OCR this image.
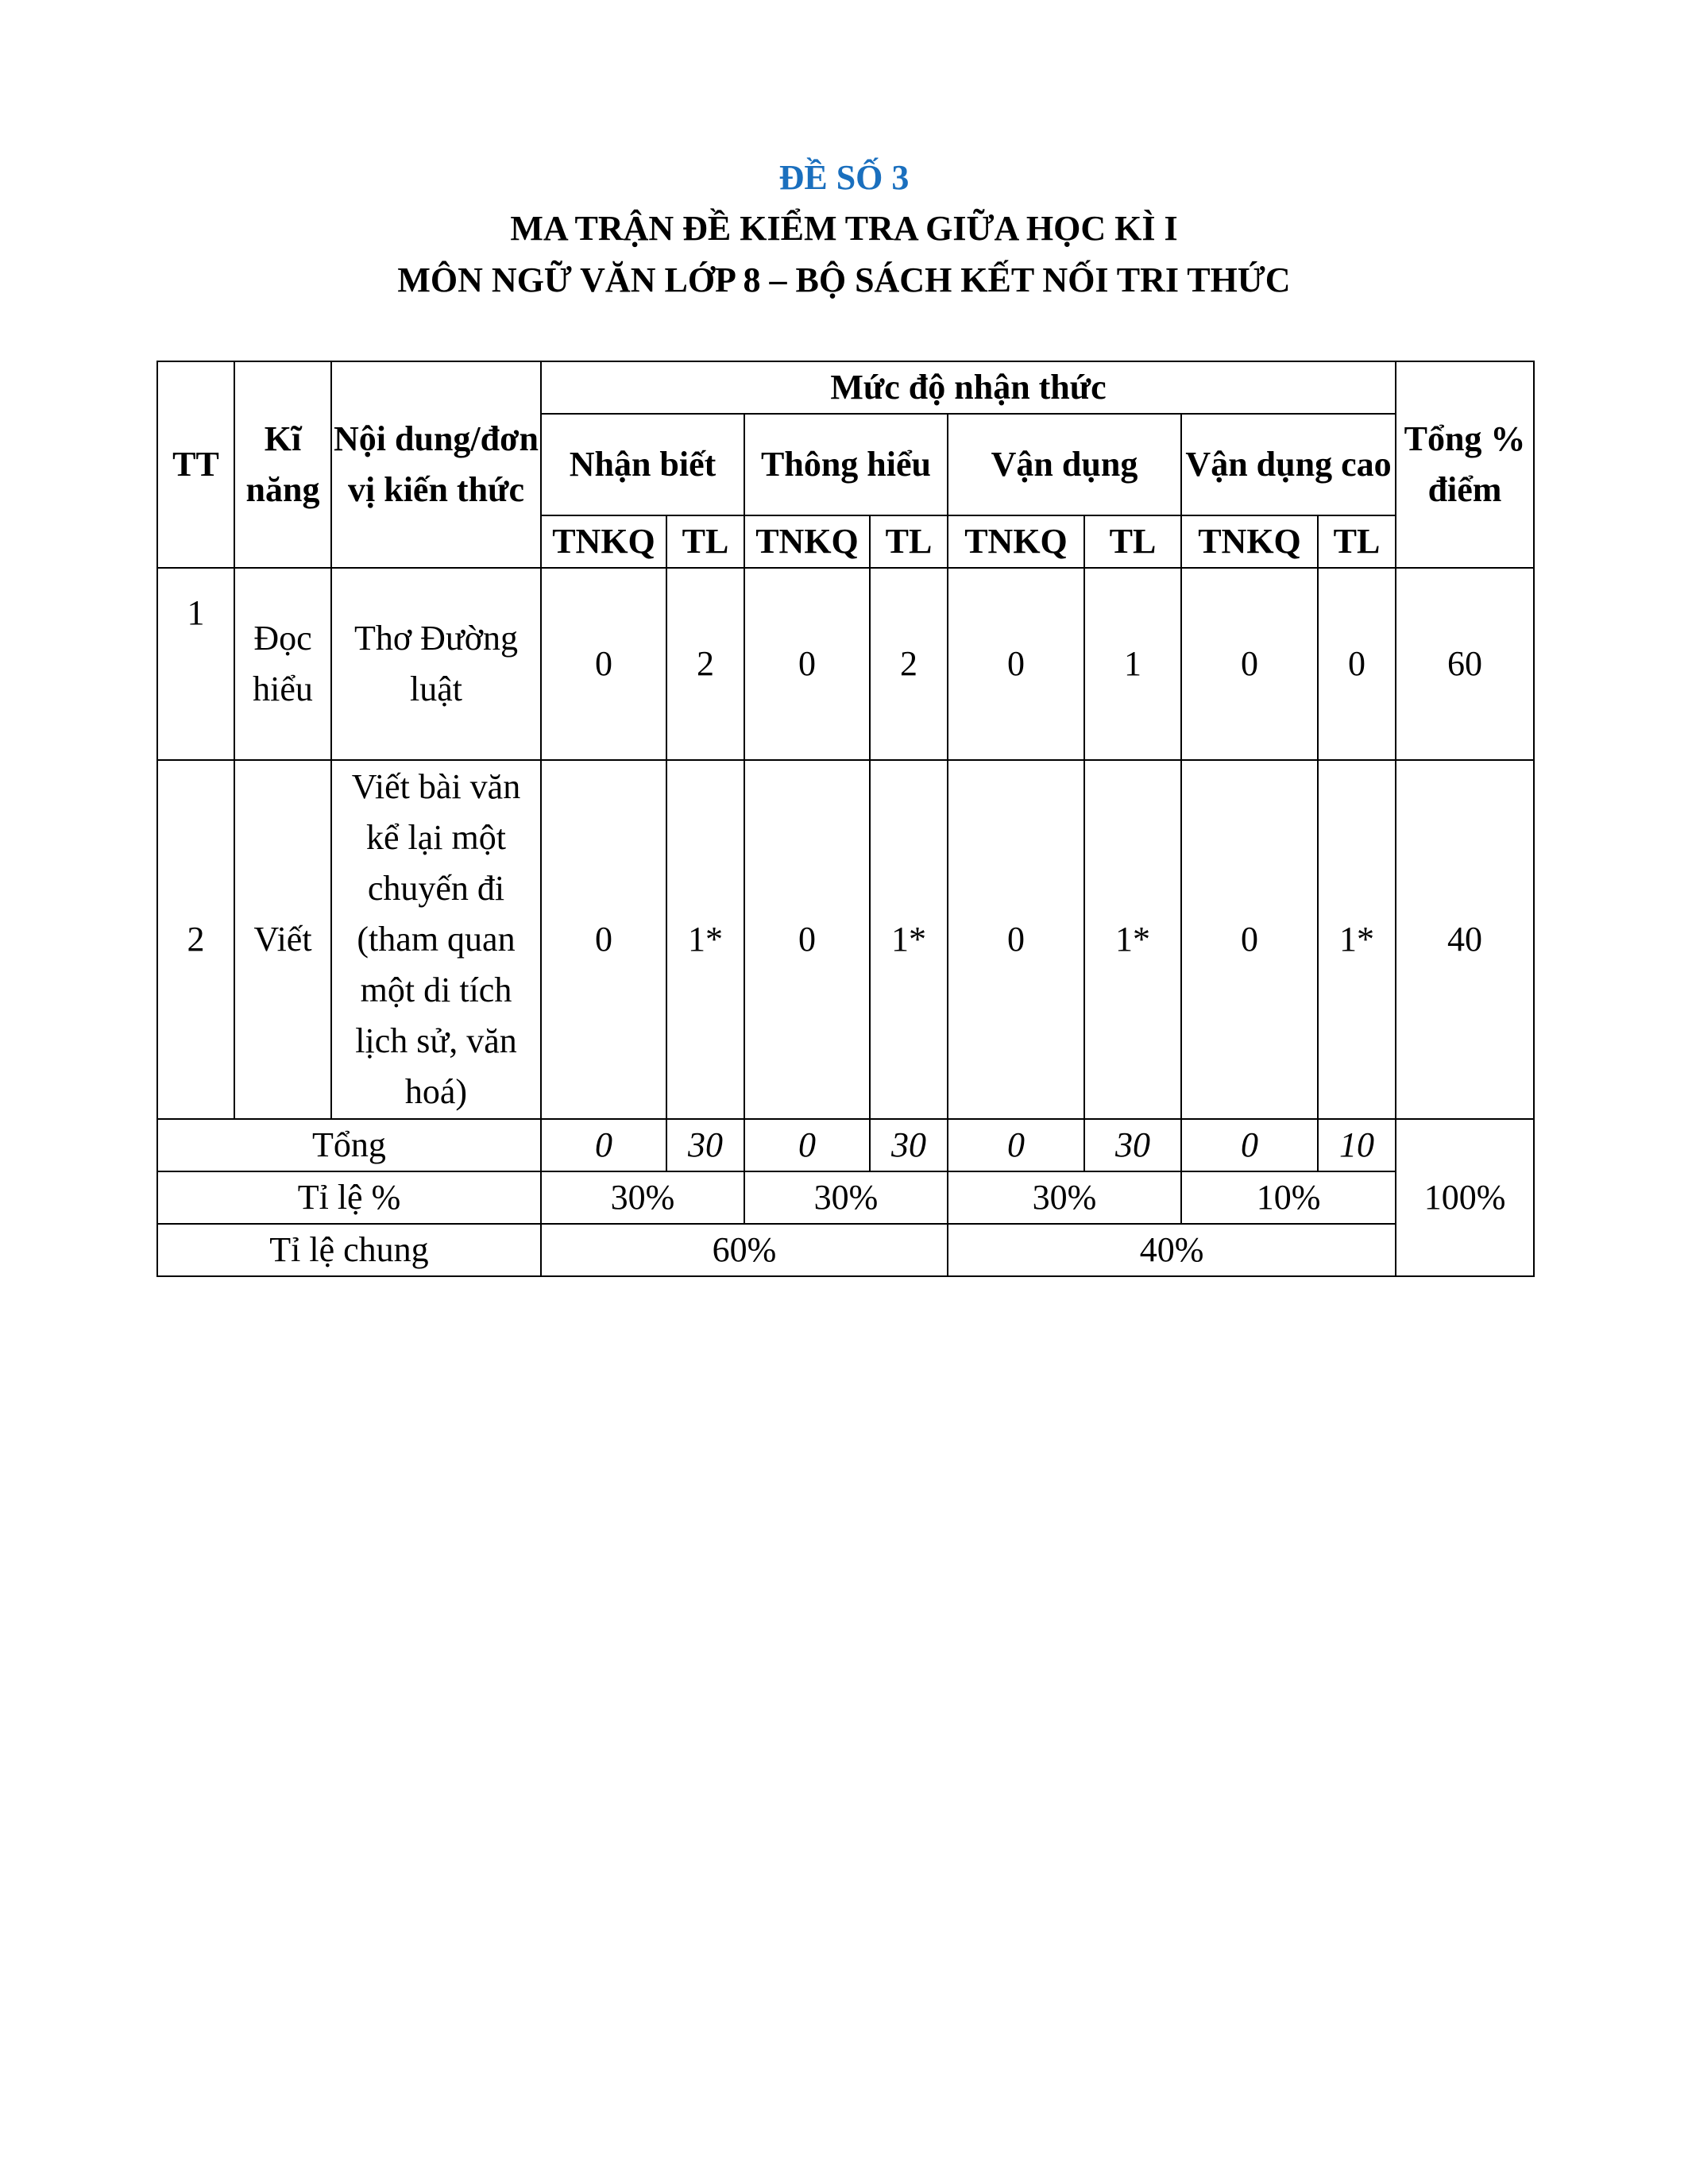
ĐỀ SỐ 3
MA TRẬN ĐỀ KIỂM TRA GIỮA HỌC KÌ I
MÔN NGỮ VĂN LỚP 8 – BỘ SÁCH KẾT NỐI TRI THỨC
TT	Kĩ năng	Nội dung/đơn vị kiến thức	Mức độ nhận thức								Tổng % điểm
			Nhận biết		Thông hiểu		Vận dụng		Vận dụng cao		
			TNKQ	TL	TNKQ	TL	TNKQ	TL	TNKQ	TL	
1	Đọc hiểu	Thơ Đường luật	0	2	0	2	0	1	0	0	60
2	Viết	Viết bài văn kể lại một chuyến đi (tham quan một di tích lịch sử, văn hoá)	0	1*	0	1*	0	1*	0	1*	40
Tổng			0	30	0	30	0	30	0	10	100%
Tỉ lệ %			30%		30%		30%		10%		
Tỉ lệ chung			60%				40%				
